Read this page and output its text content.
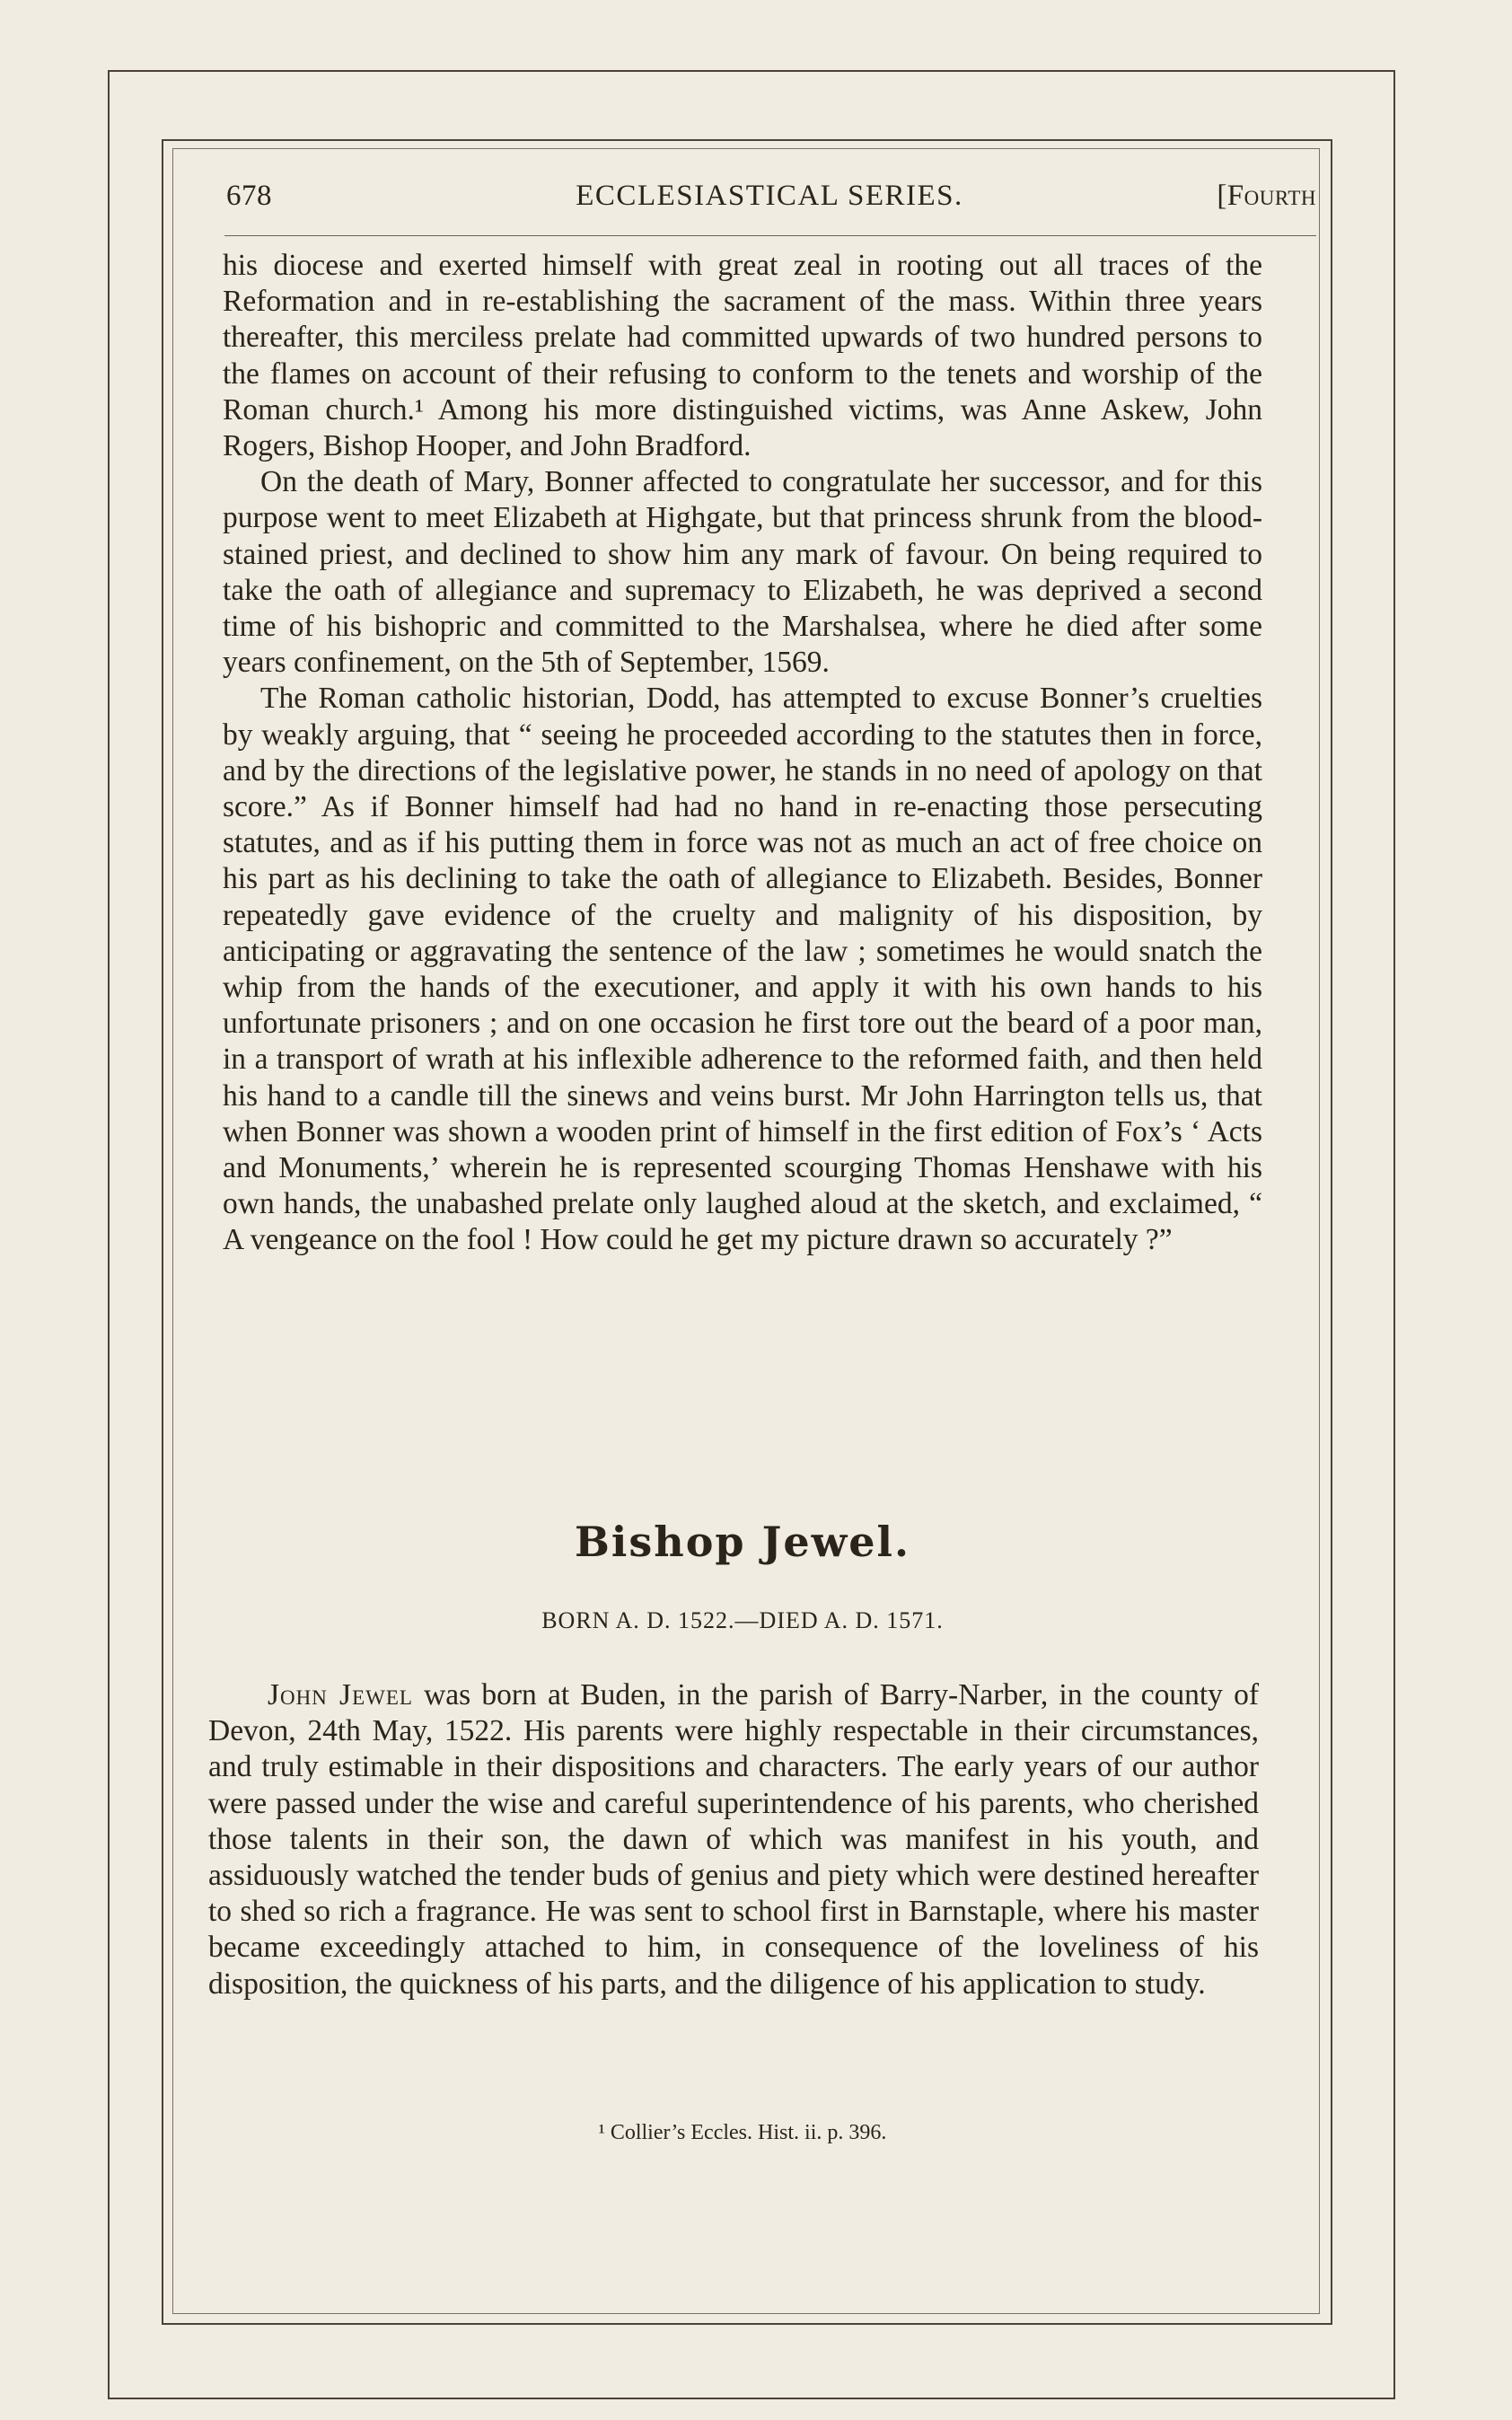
678	ECCLESIASTICAL SERIES.	[Fourth

his diocese and exerted himself with great zeal in rooting out all traces of the Reformation and in re-establishing the sacrament of the mass. Within three years thereafter, this merciless prelate had committed upwards of two hundred persons to the flames on account of their refusing to conform to the tenets and worship of the Roman church.¹ Among his more distinguished victims, was Anne Askew, John Rogers, Bishop Hooper, and John Bradford.

On the death of Mary, Bonner affected to congratulate her successor, and for this purpose went to meet Elizabeth at Highgate, but that princess shrunk from the blood-stained priest, and declined to show him any mark of favour. On being required to take the oath of allegiance and supremacy to Elizabeth, he was deprived a second time of his bishopric and committed to the Marshalsea, where he died after some years confinement, on the 5th of September, 1569.

The Roman catholic historian, Dodd, has attempted to excuse Bonner’s cruelties by weakly arguing, that “ seeing he proceeded according to the statutes then in force, and by the directions of the legislative power, he stands in no need of apology on that score.” As if Bonner himself had had no hand in re-enacting those persecuting statutes, and as if his putting them in force was not as much an act of free choice on his part as his declining to take the oath of allegiance to Elizabeth. Besides, Bonner repeatedly gave evidence of the cruelty and malignity of his disposition, by anticipating or aggravating the sentence of the law ; sometimes he would snatch the whip from the hands of the executioner, and apply it with his own hands to his unfortunate prisoners ; and on one occasion he first tore out the beard of a poor man, in a transport of wrath at his inflexible adherence to the reformed faith, and then held his hand to a candle till the sinews and veins burst. Mr John Harrington tells us, that when Bonner was shown a wooden print of himself in the first edition of Fox’s ‘ Acts and Monuments,’ wherein he is represented scourging Thomas Henshawe with his own hands, the unabashed prelate only laughed aloud at the sketch, and exclaimed, “ A vengeance on the fool ! How could he get my picture drawn so accurately ?”

Bishop Jewel.
BORN A. D. 1522.—DIED A. D. 1571.

John Jewel was born at Buden, in the parish of Barry-Narber, in the county of Devon, 24th May, 1522. His parents were highly respectable in their circumstances, and truly estimable in their dispositions and characters. The early years of our author were passed under the wise and careful superintendence of his parents, who cherished those talents in their son, the dawn of which was manifest in his youth, and assiduously watched the tender buds of genius and piety which were destined hereafter to shed so rich a fragrance. He was sent to school first in Barnstaple, where his master became exceedingly attached to him, in consequence of the loveliness of his disposition, the quickness of his parts, and the diligence of his application to study.

¹ Collier’s Eccles. Hist. ii. p. 396.
